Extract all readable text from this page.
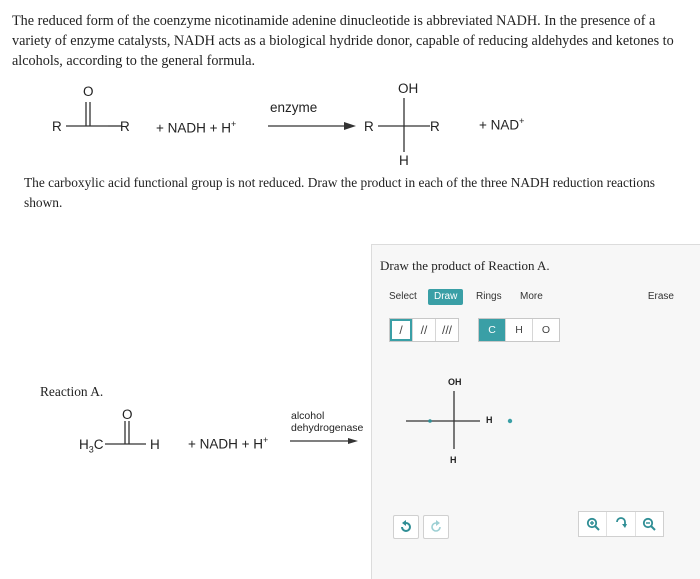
The reduced form of the coenzyme nicotinamide adenine dinucleotide is abbreviated NADH. In the presence of a variety of enzyme catalysts, NADH acts as a biological hydride donor, capable of reducing aldehydes and ketones to alcohols, according to the general formula.
O
R	R + NADH + H+
enzyme
OH
R	R
H
+ NAD+
The carboxylic acid functional group is not reduced. Draw the product in each of the three NADH reduction reactions shown.
Reaction A.
O
$H_3C$	H + NADH + H+
alcohol
dehydrogenase
Draw the product of Reaction A.
Select	Draw	Rings	More	Erase
/	//	///	C	H	O
OH
H
H
